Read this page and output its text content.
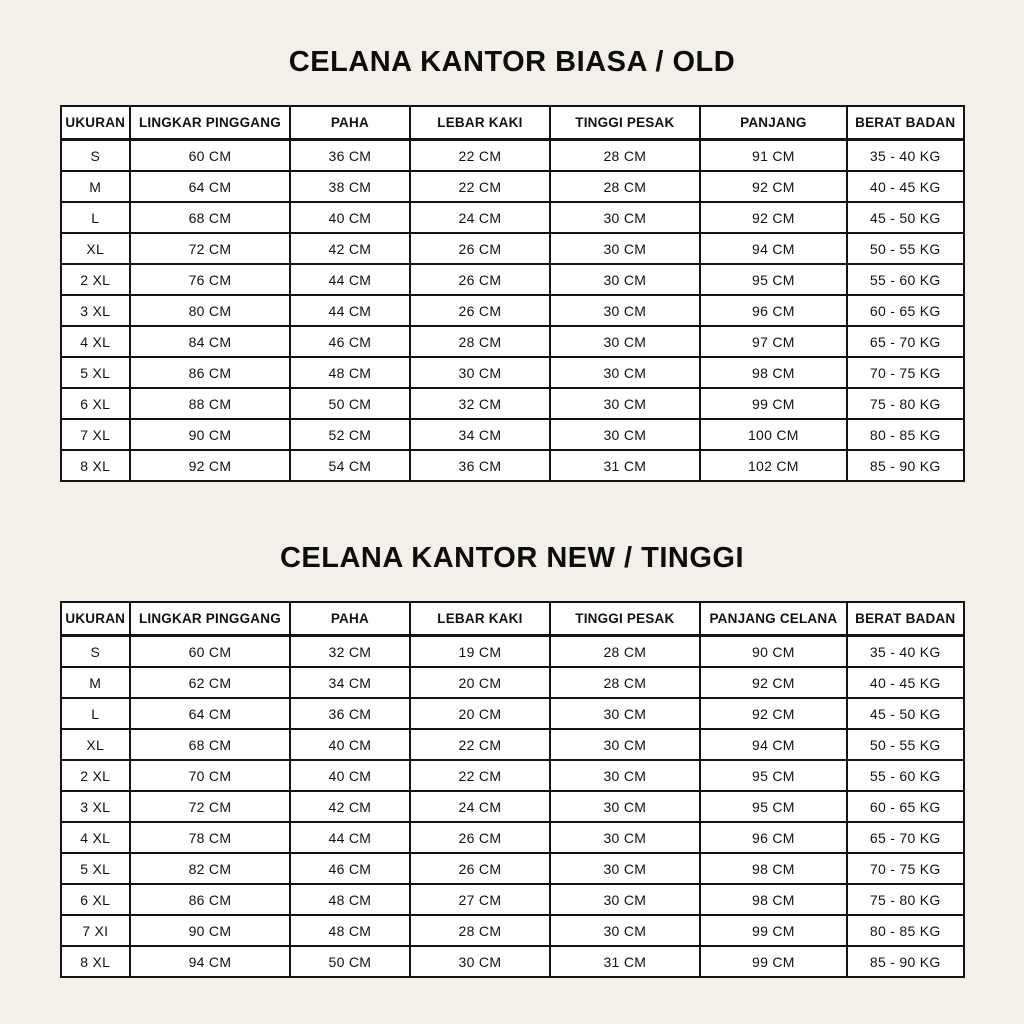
CELANA KANTOR BIASA / OLD
UKURAN	LINGKAR PINGGANG	PAHA	LEBAR KAKI	TINGGI PESAK	PANJANG	BERAT BADAN
S	60 CM	36 CM	22 CM	28 CM	91 CM	35 - 40 KG
M	64 CM	38 CM	22 CM	28 CM	92 CM	40 - 45 KG
L	68 CM	40 CM	24 CM	30 CM	92 CM	45 - 50 KG
XL	72 CM	42 CM	26 CM	30 CM	94 CM	50 - 55 KG
2 XL	76 CM	44 CM	26 CM	30 CM	95 CM	55 - 60 KG
3 XL	80 CM	44 CM	26 CM	30 CM	96 CM	60 - 65 KG
4 XL	84 CM	46 CM	28 CM	30 CM	97 CM	65 - 70 KG
5 XL	86 CM	48 CM	30 CM	30 CM	98 CM	70 - 75 KG
6 XL	88 CM	50 CM	32 CM	30 CM	99 CM	75 - 80 KG
7 XL	90 CM	52 CM	34 CM	30 CM	100 CM	80 - 85 KG
8 XL	92 CM	54 CM	36 CM	31 CM	102 CM	85 - 90 KG
CELANA KANTOR NEW / TINGGI
UKURAN	LINGKAR PINGGANG	PAHA	LEBAR KAKI	TINGGI PESAK	PANJANG CELANA	BERAT BADAN
S	60 CM	32 CM	19 CM	28 CM	90 CM	35 - 40 KG
M	62 CM	34 CM	20 CM	28 CM	92 CM	40 - 45 KG
L	64 CM	36 CM	20 CM	30 CM	92 CM	45 - 50 KG
XL	68 CM	40 CM	22 CM	30 CM	94 CM	50 - 55 KG
2 XL	70 CM	40 CM	22 CM	30 CM	95 CM	55 - 60 KG
3 XL	72 CM	42 CM	24 CM	30 CM	95 CM	60 - 65 KG
4 XL	78 CM	44 CM	26 CM	30 CM	96 CM	65 - 70 KG
5 XL	82 CM	46 CM	26 CM	30 CM	98 CM	70 - 75 KG
6 XL	86 CM	48 CM	27 CM	30 CM	98 CM	75 - 80 KG
7 XI	90 CM	48 CM	28 CM	30 CM	99 CM	80 - 85 KG
8 XL	94 CM	50 CM	30 CM	31 CM	99 CM	85 - 90 KG
